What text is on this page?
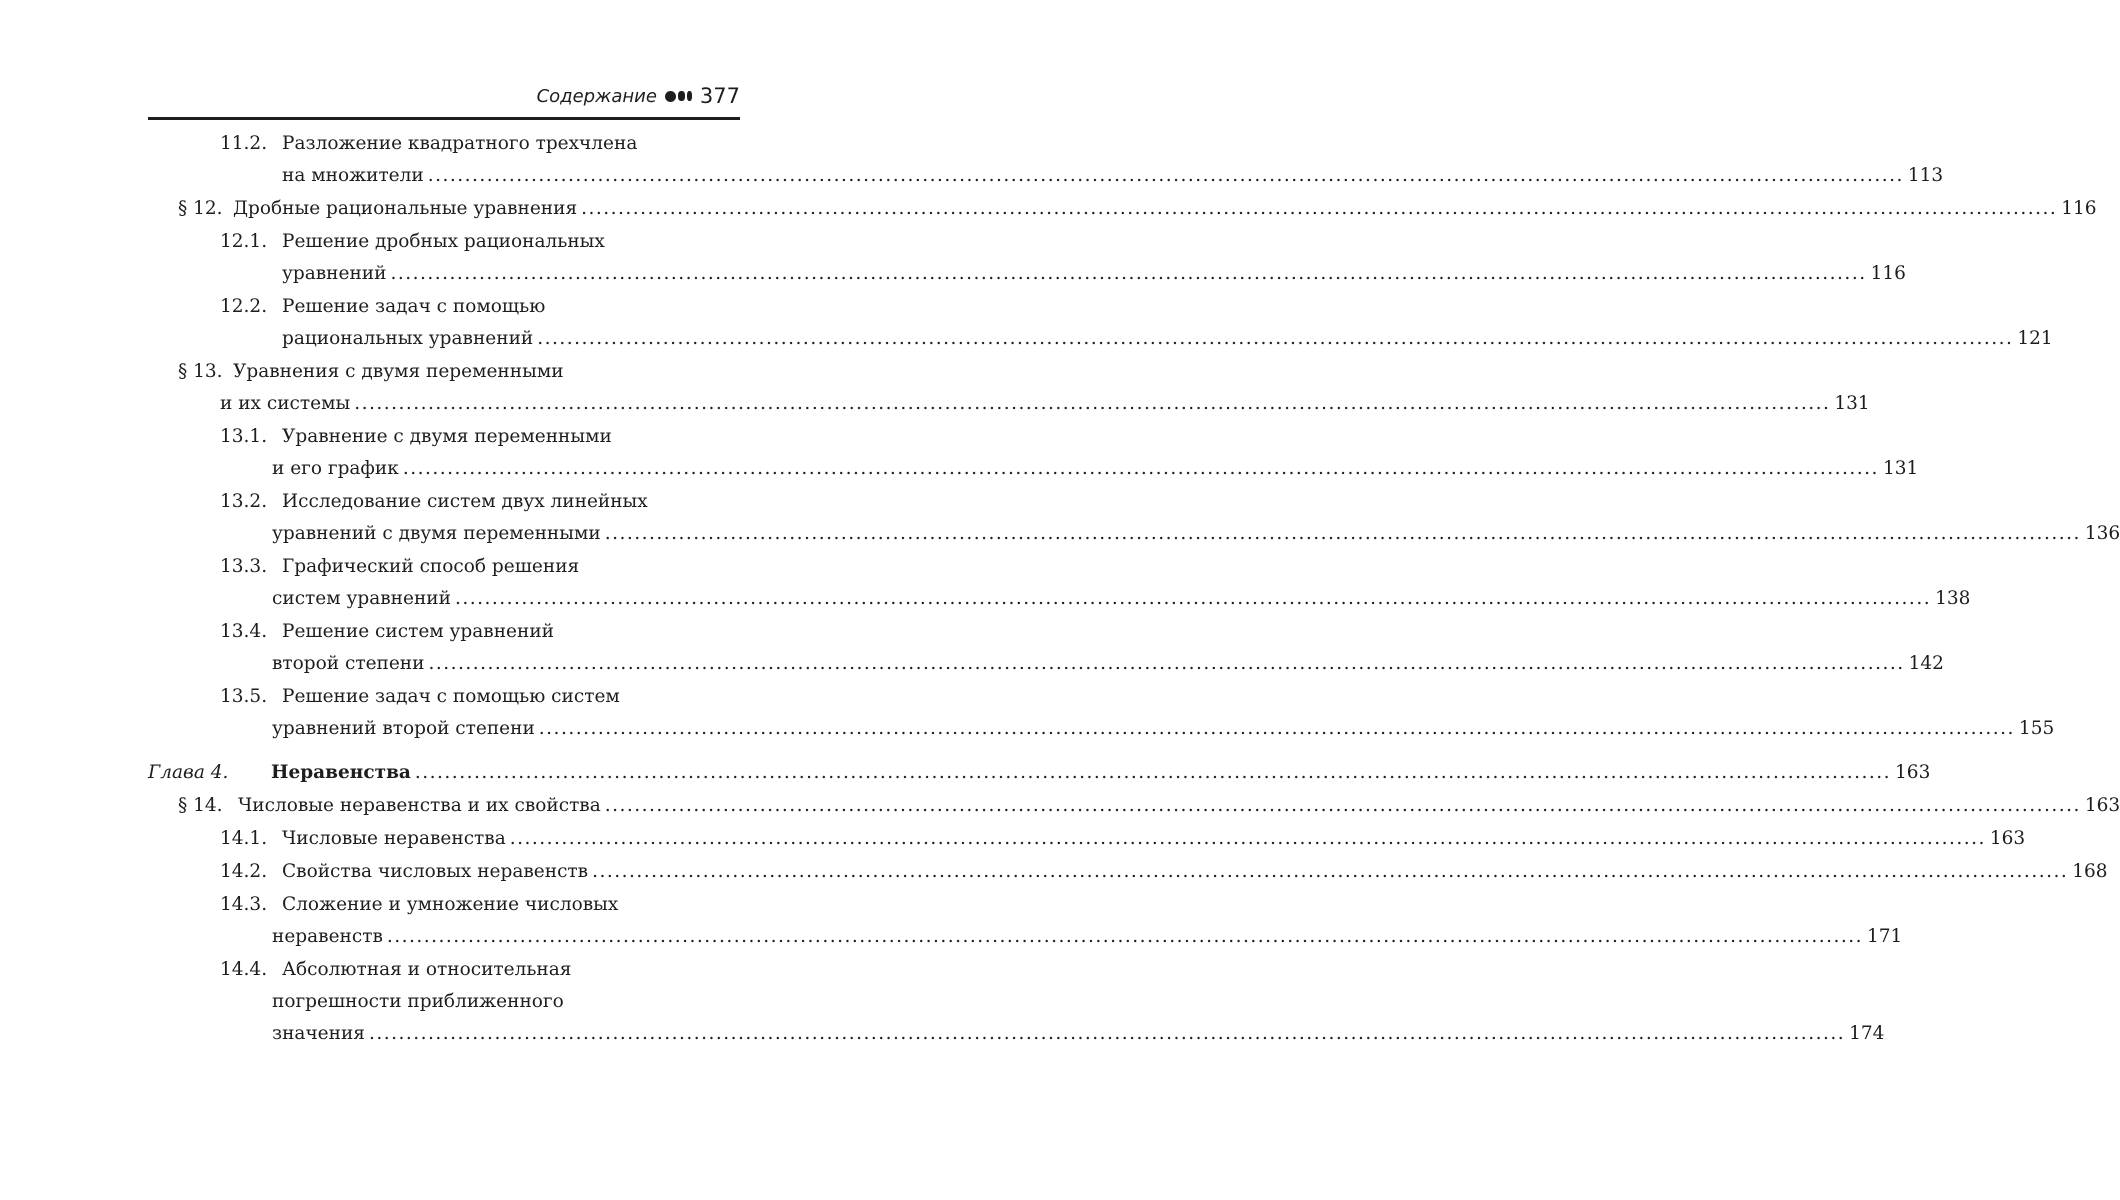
Содержание 377
11.2. Разложение квадратного трехчлена
на множители ........................................................................................................................................................................................................ 113
§ 12. Дробные рациональные уравнения ........................................................................................................................................................................................................ 116
12.1. Решение дробных рациональных
уравнений ........................................................................................................................................................................................................ 116
12.2. Решение задач с помощью
рациональных уравнений ........................................................................................................................................................................................................ 121
§ 13. Уравнения с двумя переменными
и их системы ........................................................................................................................................................................................................ 131
13.1. Уравнение с двумя переменными
и его график ........................................................................................................................................................................................................ 131
13.2. Исследование систем двух линейных
уравнений с двумя переменными ........................................................................................................................................................................................................ 136
13.3. Графический способ решения
систем уравнений ........................................................................................................................................................................................................ 138
13.4. Решение систем уравнений
второй степени ........................................................................................................................................................................................................ 142
13.5. Решение задач с помощью систем
уравнений второй степени ........................................................................................................................................................................................................ 155
Глава 4. Неравенства ........................................................................................................................................................................................................ 163
§ 14. Числовые неравенства и их свойства ........................................................................................................................................................................................................ 163
14.1. Числовые неравенства ........................................................................................................................................................................................................ 163
14.2. Свойства числовых неравенств ........................................................................................................................................................................................................ 168
14.3. Сложение и умножение числовых
неравенств ........................................................................................................................................................................................................ 171
14.4. Абсолютная и относительная
погрешности приближенного
значения ........................................................................................................................................................................................................ 174
